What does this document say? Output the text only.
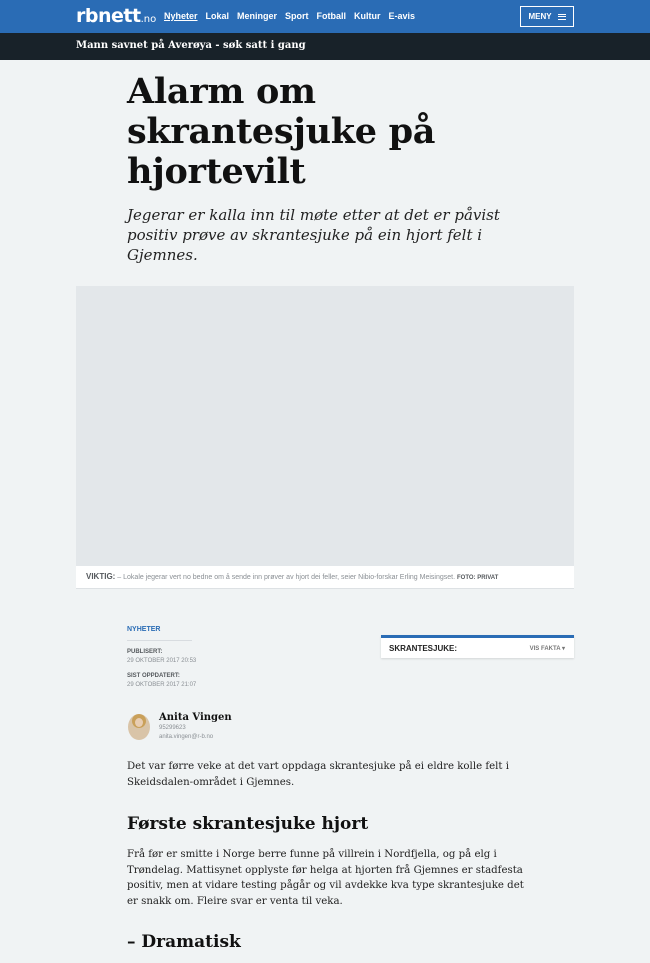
rbnett.no Nyheter Lokal Meninger Sport Fotball Kultur E-avis	MENY
Mann savnet på Averøya - søk satt i gang
Alarm om skrantesjuke på hjortevilt

Jegerar er kalla inn til møte etter at det er påvist positiv prøve av skrantesjuke på ein hjort felt i Gjemnes.

VIKTIG: – Lokale jegerar vert no bedne om å sende inn prøver av hjort dei feller, seier Nibio-forskar Erling Meisingset. FOTO: PRIVAT
NYHETER
PUBLISERT:
29 OKTOBER 2017 20:53
SIST OPPDATERT:
29 OKTOBER 2017 21:07
SKRANTESJUKE:	VIS FAKTA ▾
Anita Vingen
95299623
anita.vingen@r-b.no

Det var førre veke at det vart oppdaga skrantesjuke på ei eldre kolle felt i Skeidsdalen-området i Gjemnes.

Første skrantesjuke hjort

Frå før er smitte i Norge berre funne på villrein i Nordfjella, og på elg i Trøndelag. Mattisynet opplyste før helga at hjorten frå Gjemnes er stadfesta positiv, men at vidare testing pågår og vil avdekke kva type skrantesjuke det er snakk om. Fleire svar er venta til veka.

– Dramatisk
